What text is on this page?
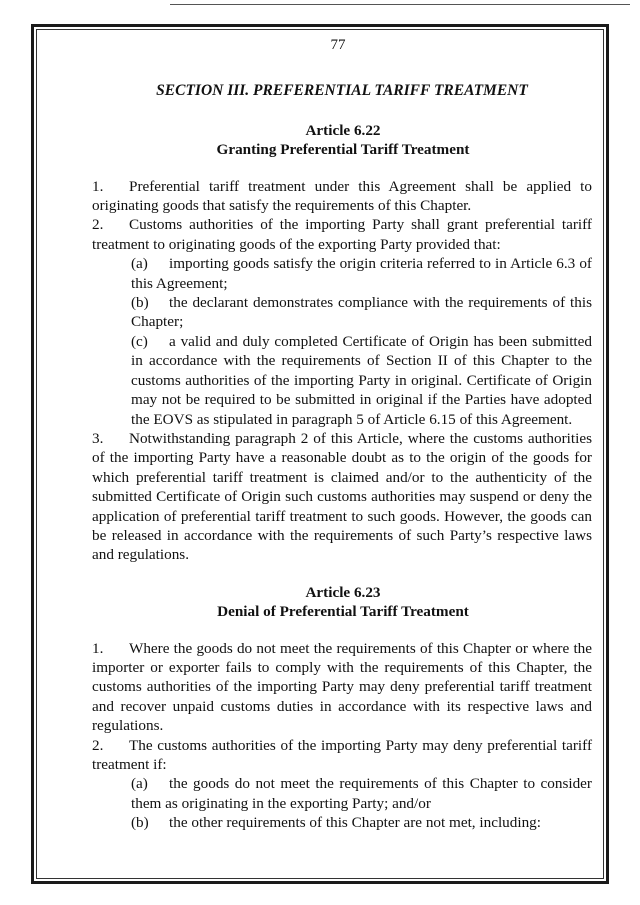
77
SECTION III. PREFERENTIAL TARIFF TREATMENT
Article 6.22
Granting Preferential Tariff Treatment

1. Preferential tariff treatment under this Agreement shall be applied to originating goods that satisfy the requirements of this Chapter.

2. Customs authorities of the importing Party shall grant preferential tariff treatment to originating goods of the exporting Party provided that:

(a) importing goods satisfy the origin criteria referred to in Article 6.3 of this Agreement;

(b) the declarant demonstrates compliance with the requirements of this Chapter;

(c) a valid and duly completed Certificate of Origin has been submitted in accordance with the requirements of Section II of this Chapter to the customs authorities of the importing Party in original. Certificate of Origin may not be required to be submitted in original if the Parties have adopted the EOVS as stipulated in paragraph 5 of Article 6.15 of this Agreement.

3. Notwithstanding paragraph 2 of this Article, where the customs authorities of the importing Party have a reasonable doubt as to the origin of the goods for which preferential tariff treatment is claimed and/or to the authenticity of the submitted Certificate of Origin such customs authorities may suspend or deny the application of preferential tariff treatment to such goods. However, the goods can be released in accordance with the requirements of such Party’s respective laws and regulations.

Article 6.23
Denial of Preferential Tariff Treatment

1. Where the goods do not meet the requirements of this Chapter or where the importer or exporter fails to comply with the requirements of this Chapter, the customs authorities of the importing Party may deny preferential tariff treatment and recover unpaid customs duties in accordance with its respective laws and regulations.

2. The customs authorities of the importing Party may deny preferential tariff treatment if:

(a) the goods do not meet the requirements of this Chapter to consider them as originating in the exporting Party; and/or

(b) the other requirements of this Chapter are not met, including:
